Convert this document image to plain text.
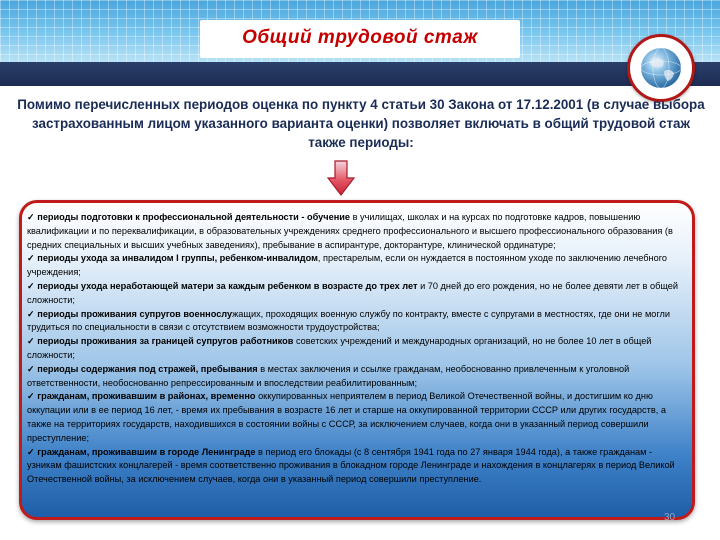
Общий трудовой стаж
Помимо перечисленных периодов оценка по пункту 4 статьи 30 Закона от 17.12.2001 (в случае выбора застрахованным лицом указанного варианта оценки) позволяет включать в общий трудовой стаж также периоды:

✓ периоды подготовки к профессиональной деятельности - обучение в училищах, школах и на курсах по подготовке кадров, повышению квалификации и по переквалификации, в образовательных учреждениях среднего профессионального и высшего профессионального образования (в средних специальных и высших учебных заведениях), пребывание в аспирантуре, докторантуре, клинической ординатуре;

✓ периоды ухода за инвалидом I группы, ребенком-инвалидом, престарелым, если он нуждается в постоянном уходе по заключению лечебного учреждения;

✓ периоды ухода неработающей матери за каждым ребенком в возрасте до трех лет и 70 дней до его рождения, но не более девяти лет в общей сложности;

✓ периоды проживания супругов военнослужащих, проходящих военную службу по контракту, вместе с супругами в местностях, где они не могли трудиться по специальности в связи с отсутствием возможности трудоустройства;

✓ периоды проживания за границей супругов работников советских учреждений и международных организаций, но не более 10 лет в общей сложности;

✓ периоды содержания под стражей, пребывания в местах заключения и ссылке гражданам, необоснованно привлеченным к уголовной ответственности, необоснованно репрессированным и впоследствии реабилитированным;

✓ гражданам, проживавшим в районах, временно оккупированных неприятелем в период Великой Отечественной войны, и достигшим ко дню оккупации или в ее период 16 лет, - время их пребывания в возрасте 16 лет и старше на оккупированной территории СССР или других государств, а также на территориях государств, находившихся в состоянии войны с СССР, за исключением случаев, когда они в указанный период совершили преступление;

✓ гражданам, проживавшим в городе Ленинграде в период его блокады (с 8 сентября 1941 года по 27 января 1944 года), а также гражданам - узникам фашистских концлагерей - время соответственно проживания в блокадном городе Ленинграде и нахождения в концлагерях в период Великой Отечественной войны, за исключением случаев, когда они в указанный период совершили преступление.

30
